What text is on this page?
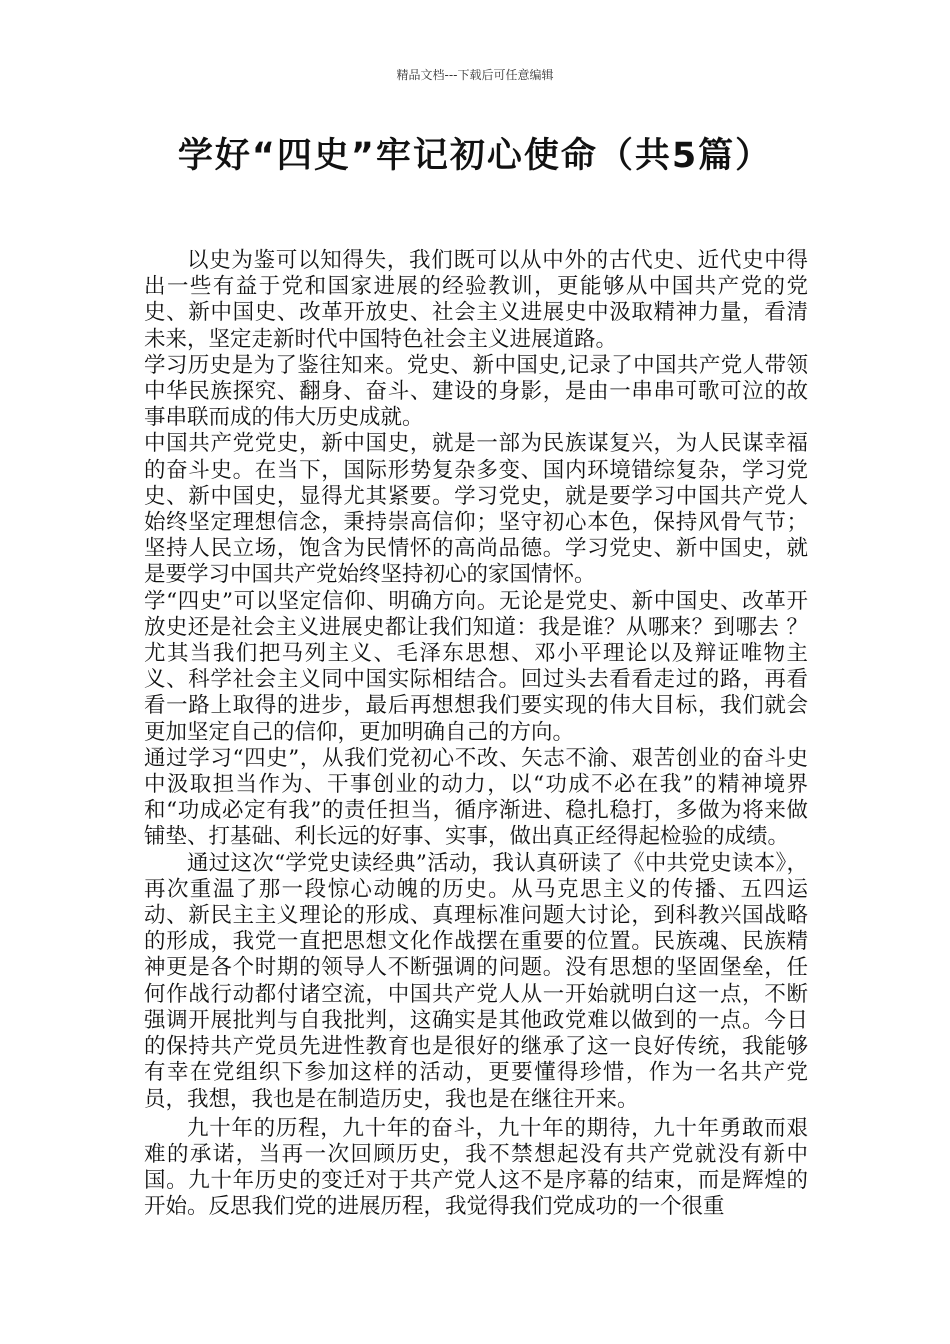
精品文档---下载后可任意编辑
学好“四史”牢记初心使命（共5篇）

以史为鉴可以知得失，我们既可以从中外的古代史、近代史中得出一些有益于党和国家进展的经验教训，更能够从中国共产党的党史、新中国史、改革开放史、社会主义进展史中汲取精神力量，看清未来，坚定走新时代中国特色社会主义进展道路。

学习历史是为了鉴往知来。党史、新中国史,记录了中国共产党人带领中华民族探究、翻身、奋斗、建设的身影，是由一串串可歌可泣的故事串联而成的伟大历史成就。

中国共产党党史，新中国史，就是一部为民族谋复兴，为人民谋幸福的奋斗史。在当下，国际形势复杂多变、国内环境错综复杂，学习党史、新中国史，显得尤其紧要。学习党史，就是要学习中国共产党人始终坚定理想信念，秉持崇高信仰；坚守初心本色，保持风骨气节；坚持人民立场，饱含为民情怀的高尚品德。学习党史、新中国史，就是要学习中国共产党始终坚持初心的家国情怀。

学“四史”可以坚定信仰、明确方向。无论是党史、新中国史、改革开放史还是社会主义进展史都让我们知道：我是谁？从哪来？到哪去 ？尤其当我们把马列主义、毛泽东思想、邓小平理论以及辩证唯物主义、科学社会主义同中国实际相结合。回过头去看看走过的路，再看看一路上取得的进步，最后再想想我们要实现的伟大目标，我们就会更加坚定自己的信仰，更加明确自己的方向。

通过学习“四史”，从我们党初心不改、矢志不渝、艰苦创业的奋斗史中汲取担当作为、干事创业的动力，以“功成不必在我”的精神境界和“功成必定有我”的责任担当，循序渐进、稳扎稳打，多做为将来做铺垫、打基础、利长远的好事、实事，做出真正经得起检验的成绩。

通过这次“学党史读经典”活动，我认真研读了《中共党史读本》，再次重温了那一段惊心动魄的历史。从马克思主义的传播、五四运动、新民主主义理论的形成、真理标准问题大讨论，到科教兴国战略的形成，我党一直把思想文化作战摆在重要的位置。民族魂、民族精神更是各个时期的领导人不断强调的问题。没有思想的坚固堡垒，任何作战行动都付诸空流，中国共产党人从一开始就明白这一点，不断强调开展批判与自我批判，这确实是其他政党难以做到的一点。今日的保持共产党员先进性教育也是很好的继承了这一良好传统，我能够有幸在党组织下参加这样的活动，更要懂得珍惜，作为一名共产党员，我想，我也是在制造历史，我也是在继往开来。

九十年的历程，九十年的奋斗，九十年的期待，九十年勇敢而艰难的承诺，当再一次回顾历史，我不禁想起没有共产党就没有新中国。九十年历史的变迁对于共产党人这不是序幕的结束，而是辉煌的开始。反思我们党的进展历程，我觉得我们党成功的一个很重
